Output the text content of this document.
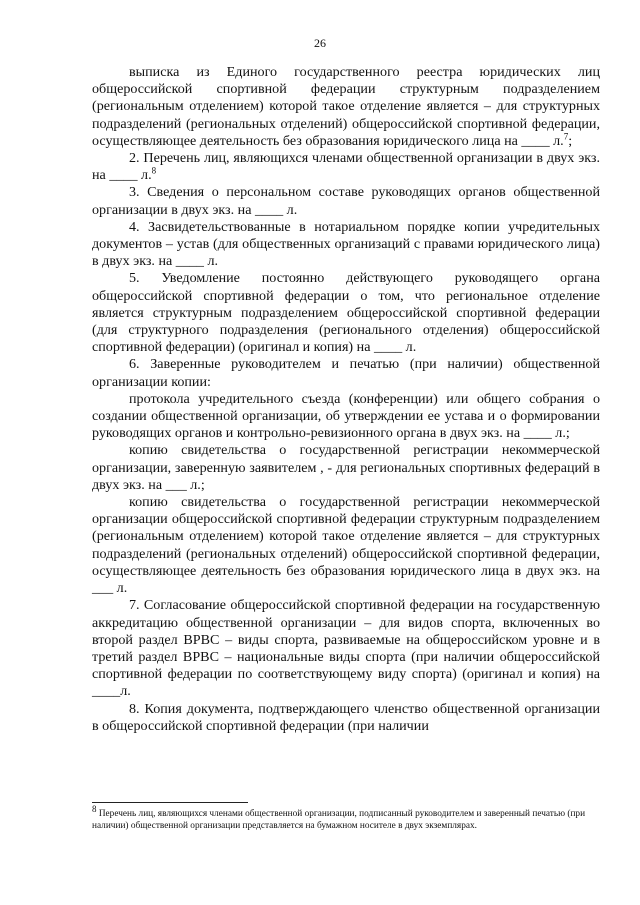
26

выписка из Единого государственного реестра юридических лиц общероссийской спортивной федерации структурным подразделением (региональным отделением) которой такое отделение является – для структурных подразделений (региональных отделений) общероссийской спортивной федерации, осуществляющее деятельность без образования юридического лица на ____ л.$^7$;

2. Перечень лиц, являющихся членами общественной организации в двух экз. на ____ л.$^8$

3. Сведения о персональном составе руководящих органов общественной организации в двух экз. на ____ л.

4. Засвидетельствованные в нотариальном порядке копии учредительных документов – устав (для общественных организаций с правами юридического лица) в двух экз. на ____ л.

5. Уведомление постоянно действующего руководящего органа общероссийской спортивной федерации о том, что региональное отделение является структурным подразделением общероссийской спортивной федерации (для структурного подразделения (регионального отделения) общероссийской спортивной федерации) (оригинал и копия) на ____ л.

6. Заверенные руководителем и печатью (при наличии) общественной организации копии:

протокола учредительного съезда (конференции) или общего собрания о создании общественной организации, об утверждении ее устава и о формировании руководящих органов и контрольно-ревизионного органа в двух экз. на ____ л.;

копию свидетельства о государственной регистрации некоммерческой организации, заверенную заявителем , - для региональных спортивных федераций в двух экз. на ___ л.;

копию свидетельства о государственной регистрации некоммерческой организации общероссийской спортивной федерации структурным подразделением (региональным отделением) которой такое отделение является – для структурных подразделений (региональных отделений) общероссийской спортивной федерации, осуществляющее деятельность без образования юридического лица в двух экз. на ___ л.

7. Согласование общероссийской спортивной федерации на государственную аккредитацию общественной организации – для видов спорта, включенных во второй раздел ВРВС – виды спорта, развиваемые на общероссийском уровне и в третий раздел ВРВС – национальные виды спорта (при наличии общероссийской спортивной федерации по соответствующему виду спорта) (оригинал и копия) на ____л.

8. Копия документа, подтверждающего членство общественной организации в общероссийской спортивной федерации (при наличии

$^8$ Перечень лиц, являющихся членами общественной организации, подписанный руководителем и заверенный печатью (при наличии) общественной организации представляется на бумажном носителе в двух экземплярах.
